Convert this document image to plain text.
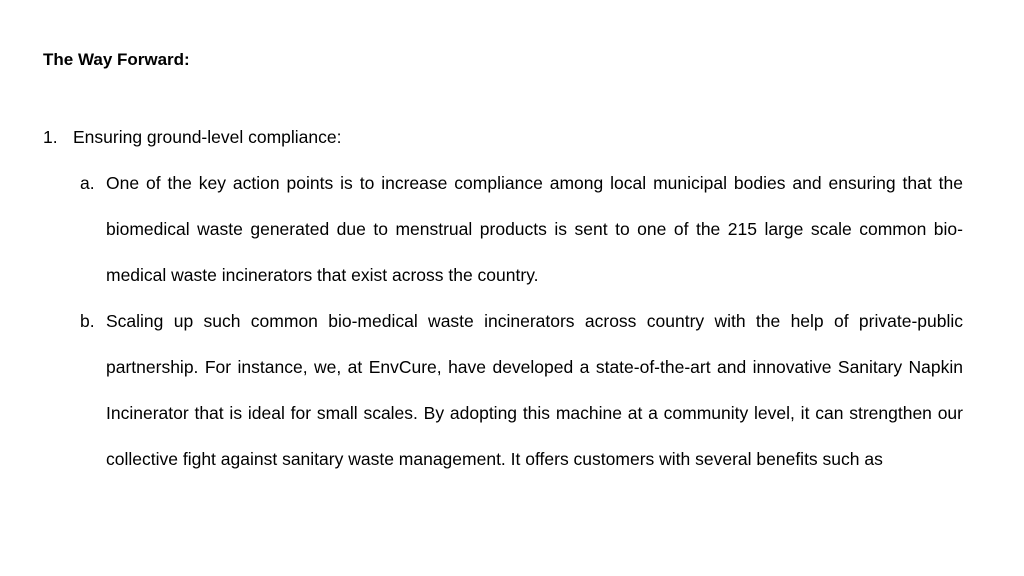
The Way Forward:
1. Ensuring ground-level compliance:
a. One of the key action points is to increase compliance among local municipal bodies and ensuring that the biomedical waste generated due to menstrual products is sent to one of the 215 large scale common bio-medical waste incinerators that exist across the country.
b. Scaling up such common bio-medical waste incinerators across country with the help of private-public partnership. For instance, we, at EnvCure, have developed a state-of-the-art and innovative Sanitary Napkin Incinerator that is ideal for small scales. By adopting this machine at a community level, it can strengthen our collective fight against sanitary waste management. It offers customers with several benefits such as
